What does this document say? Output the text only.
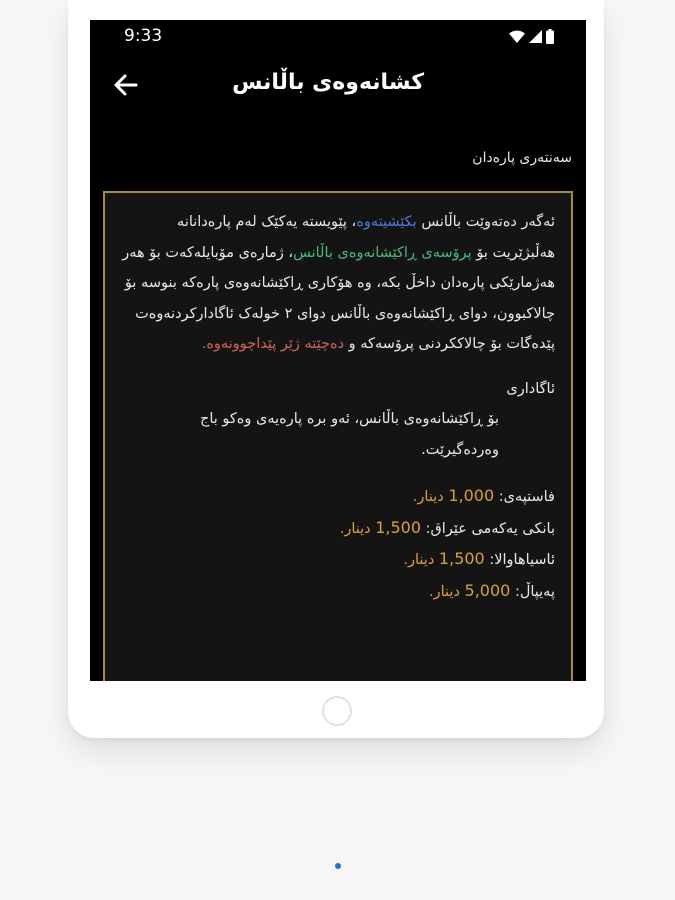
9:33
کشانەوەی باڵانس
سەنتەری پارەدان
ئەگەر دەتەوێت باڵانس بکێشیتەوە، پێویستە یەکێک لەم پارەدانانە هەڵبژێریت بۆ پرۆسەی ڕاکێشانەوەی باڵانس، ژمارەی مۆبایلەکەت بۆ هەر هەژمارێکی پارەدان داخڵ بکە، وە هۆکاری ڕاکێشانەوەی پارەکە بنوسە بۆ چالاکبوون، دوای ڕاکێشانەوەی باڵانس دوای ٢ خولەک ئاگادارکردنەوەت پێدەگات بۆ چالاککردنی پرۆسەکە و دەچێتە ژێر پێداچوونەوە.
ئاگاداری
بۆ ڕاکێشانەوەی باڵانس، ئەو برە پارەیەی وەکو باج وەردەگیرێت.
فاستپەی: 1,000 دینار.
بانکی یەکەمی عێراق: 1,500 دینار.
ئاسیاهاوالا: 1,500 دینار.
پەیپاڵ: 5,000 دینار.
